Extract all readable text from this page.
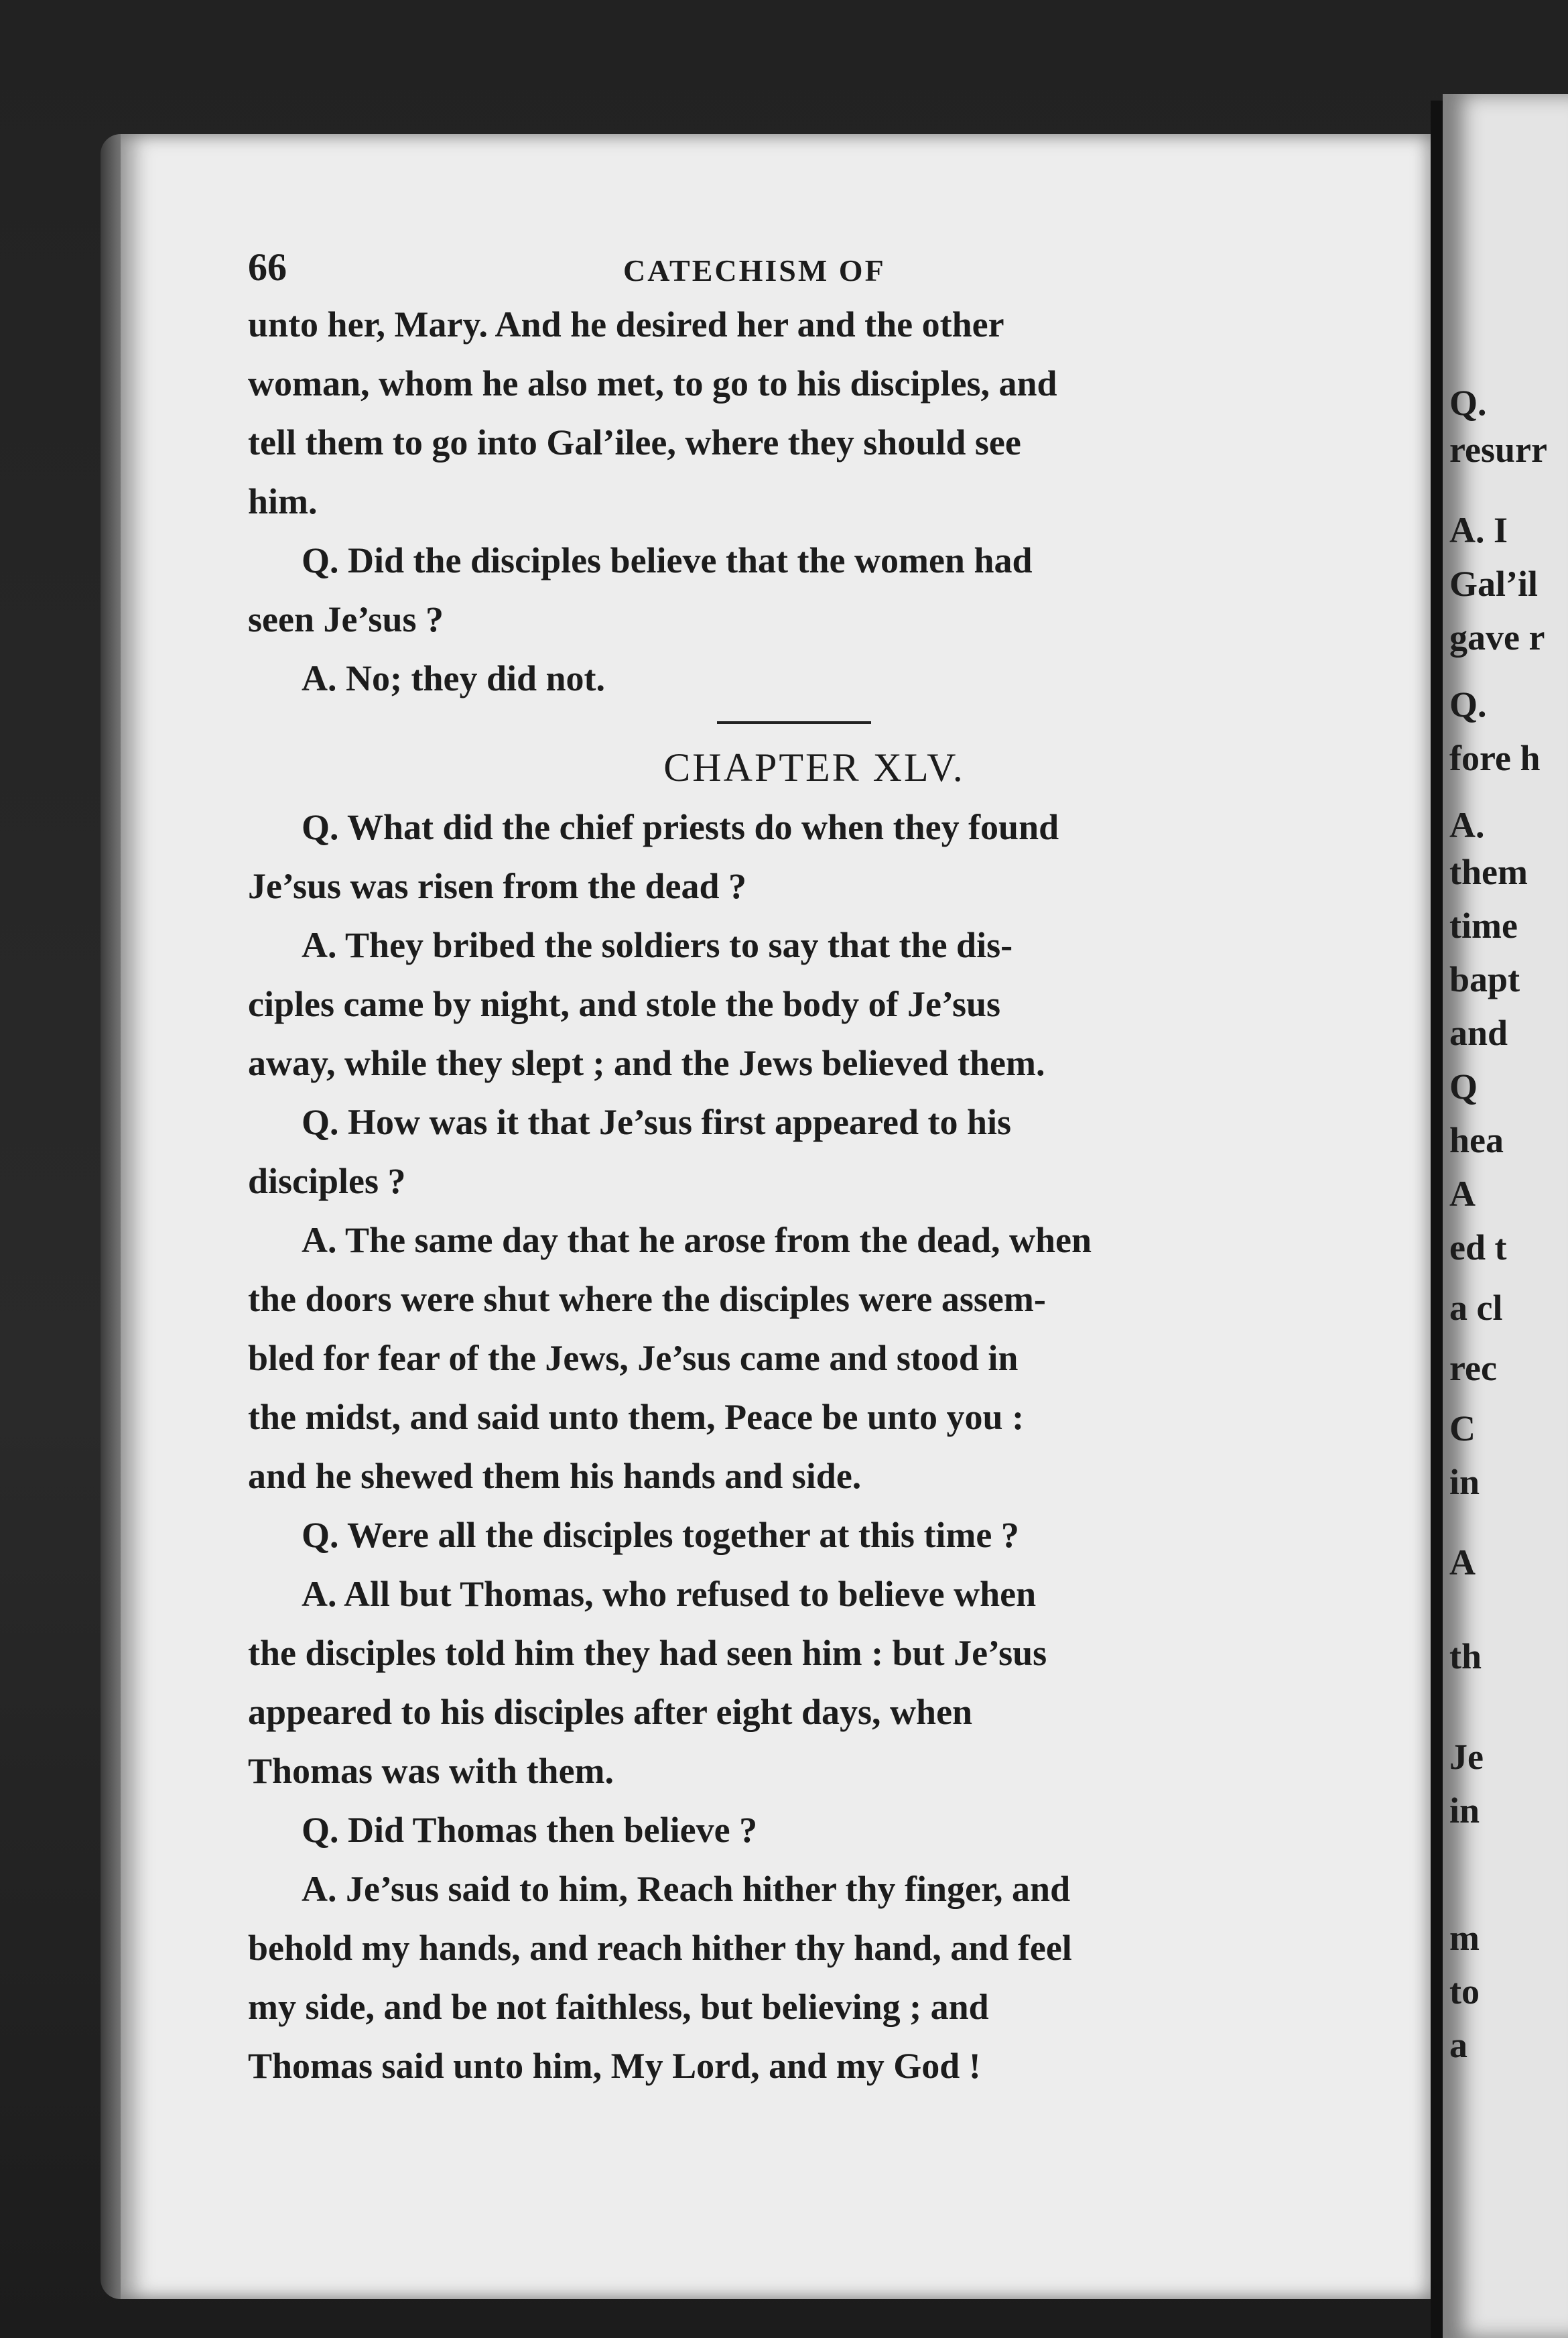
66	CATECHISM OF
unto her, Mary. And he desired her and the other
woman, whom he also met, to go to his disciples, and
tell them to go into Gal’ilee, where they should see
him.
Q. Did the disciples believe that the women had
seen Je’sus ?
A. No; they did not.
CHAPTER XLV.
Q. What did the chief priests do when they found
Je’sus was risen from the dead ?
A. They bribed the soldiers to say that the dis-
ciples came by night, and stole the body of Je’sus
away, while they slept ; and the Jews believed them.
Q. How was it that Je’sus first appeared to his
disciples ?
A. The same day that he arose from the dead, when
the doors were shut where the disciples were assem-
bled for fear of the Jews, Je’sus came and stood in
the midst, and said unto them, Peace be unto you :
and he shewed them his hands and side.
Q. Were all the disciples together at this time ?
A. All but Thomas, who refused to believe when
the disciples told him they had seen him : but Je’sus
appeared to his disciples after eight days, when
Thomas was with them.
Q. Did Thomas then believe ?
A. Je’sus said to him, Reach hither thy finger, and
behold my hands, and reach hither thy hand, and feel
my side, and be not faithless, but believing ; and
Thomas said unto him, My Lord, and my God !
Q.
resurr
A. I
Gal’il
gave r
Q.
fore h
A.
them
time
bapt
and
Q
hea
A
ed t
a cl
rec
C
in
A
th
Je
in
m
to
a
